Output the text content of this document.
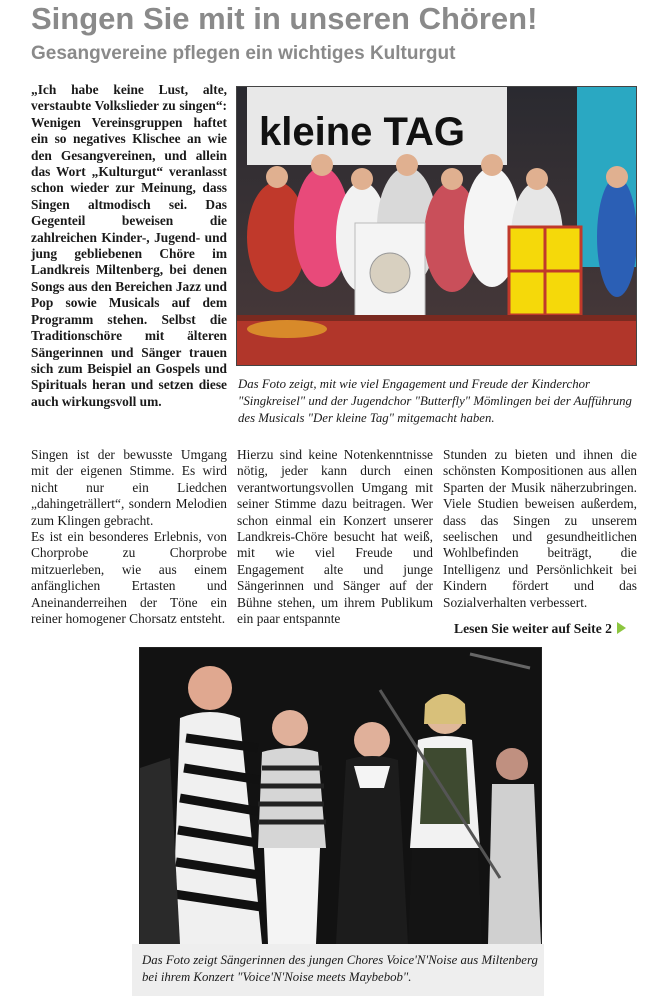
Singen Sie mit in unseren Chören!
Gesangvereine pflegen ein wichtiges Kulturgut

„Ich habe keine Lust, alte, verstaubte Volkslieder zu singen“: Wenigen Vereinsgruppen haftet ein so negatives Klischee an wie den Gesangvereinen, und allein das Wort „Kulturgut“ veranlasst schon wieder zur Meinung, dass Singen altmodisch sei. Das Gegenteil beweisen die zahlreichen Kinder-, Jugend- und jung gebliebenen Chöre im Landkreis Miltenberg, bei denen Songs aus den Bereichen Jazz und Pop sowie Musicals auf dem Programm stehen. Selbst die Traditionschöre mit älteren Sängerinnen und Sänger trauen sich zum Beispiel an Gospels und Spirituals heran und setzen diese auch wirkungsvoll um.

kleine TAG

Das Foto zeigt, mit wie viel Engagement und Freude der Kinderchor "Singkreisel" und der Jugendchor "Butterfly" Mömlingen bei der Aufführung des Musicals "Der kleine Tag" mitgemacht haben.

Singen ist der bewusste Umgang mit der eigenen Stimme. Es wird nicht nur ein Liedchen „dahingeträllert“, sondern Melodien zum Klingen gebracht.

Es ist ein besonderes Erlebnis, von Chorprobe zu Chorprobe mitzuerleben, wie aus einem anfänglichen Ertasten und Aneinanderreihen der Töne ein reiner homogener Chorsatz entsteht.

Hierzu sind keine Notenkenntnisse nötig, jeder kann durch einen verantwortungsvollen Umgang mit seiner Stimme dazu beitragen. Wer schon einmal ein Konzert unserer Landkreis-Chöre besucht hat weiß, mit wie viel Freude und Engagement alte und junge Sängerinnen und Sänger auf der Bühne stehen, um ihrem Publikum ein paar entspannte

Stunden zu bieten und ihnen die schönsten Kompositionen aus allen Sparten der Musik näherzubringen. Viele Studien beweisen außerdem, dass das Singen zu unserem seelischen und gesundheitlichen Wohlbefinden beiträgt, die Intelligenz und Persönlichkeit bei Kindern fördert und das Sozialverhalten verbessert.

Lesen Sie weiter auf Seite 2

Das Foto zeigt Sängerinnen des jungen Chores Voice'N'Noise aus Miltenberg bei ihrem Konzert "Voice'N'Noise meets Maybebob".
